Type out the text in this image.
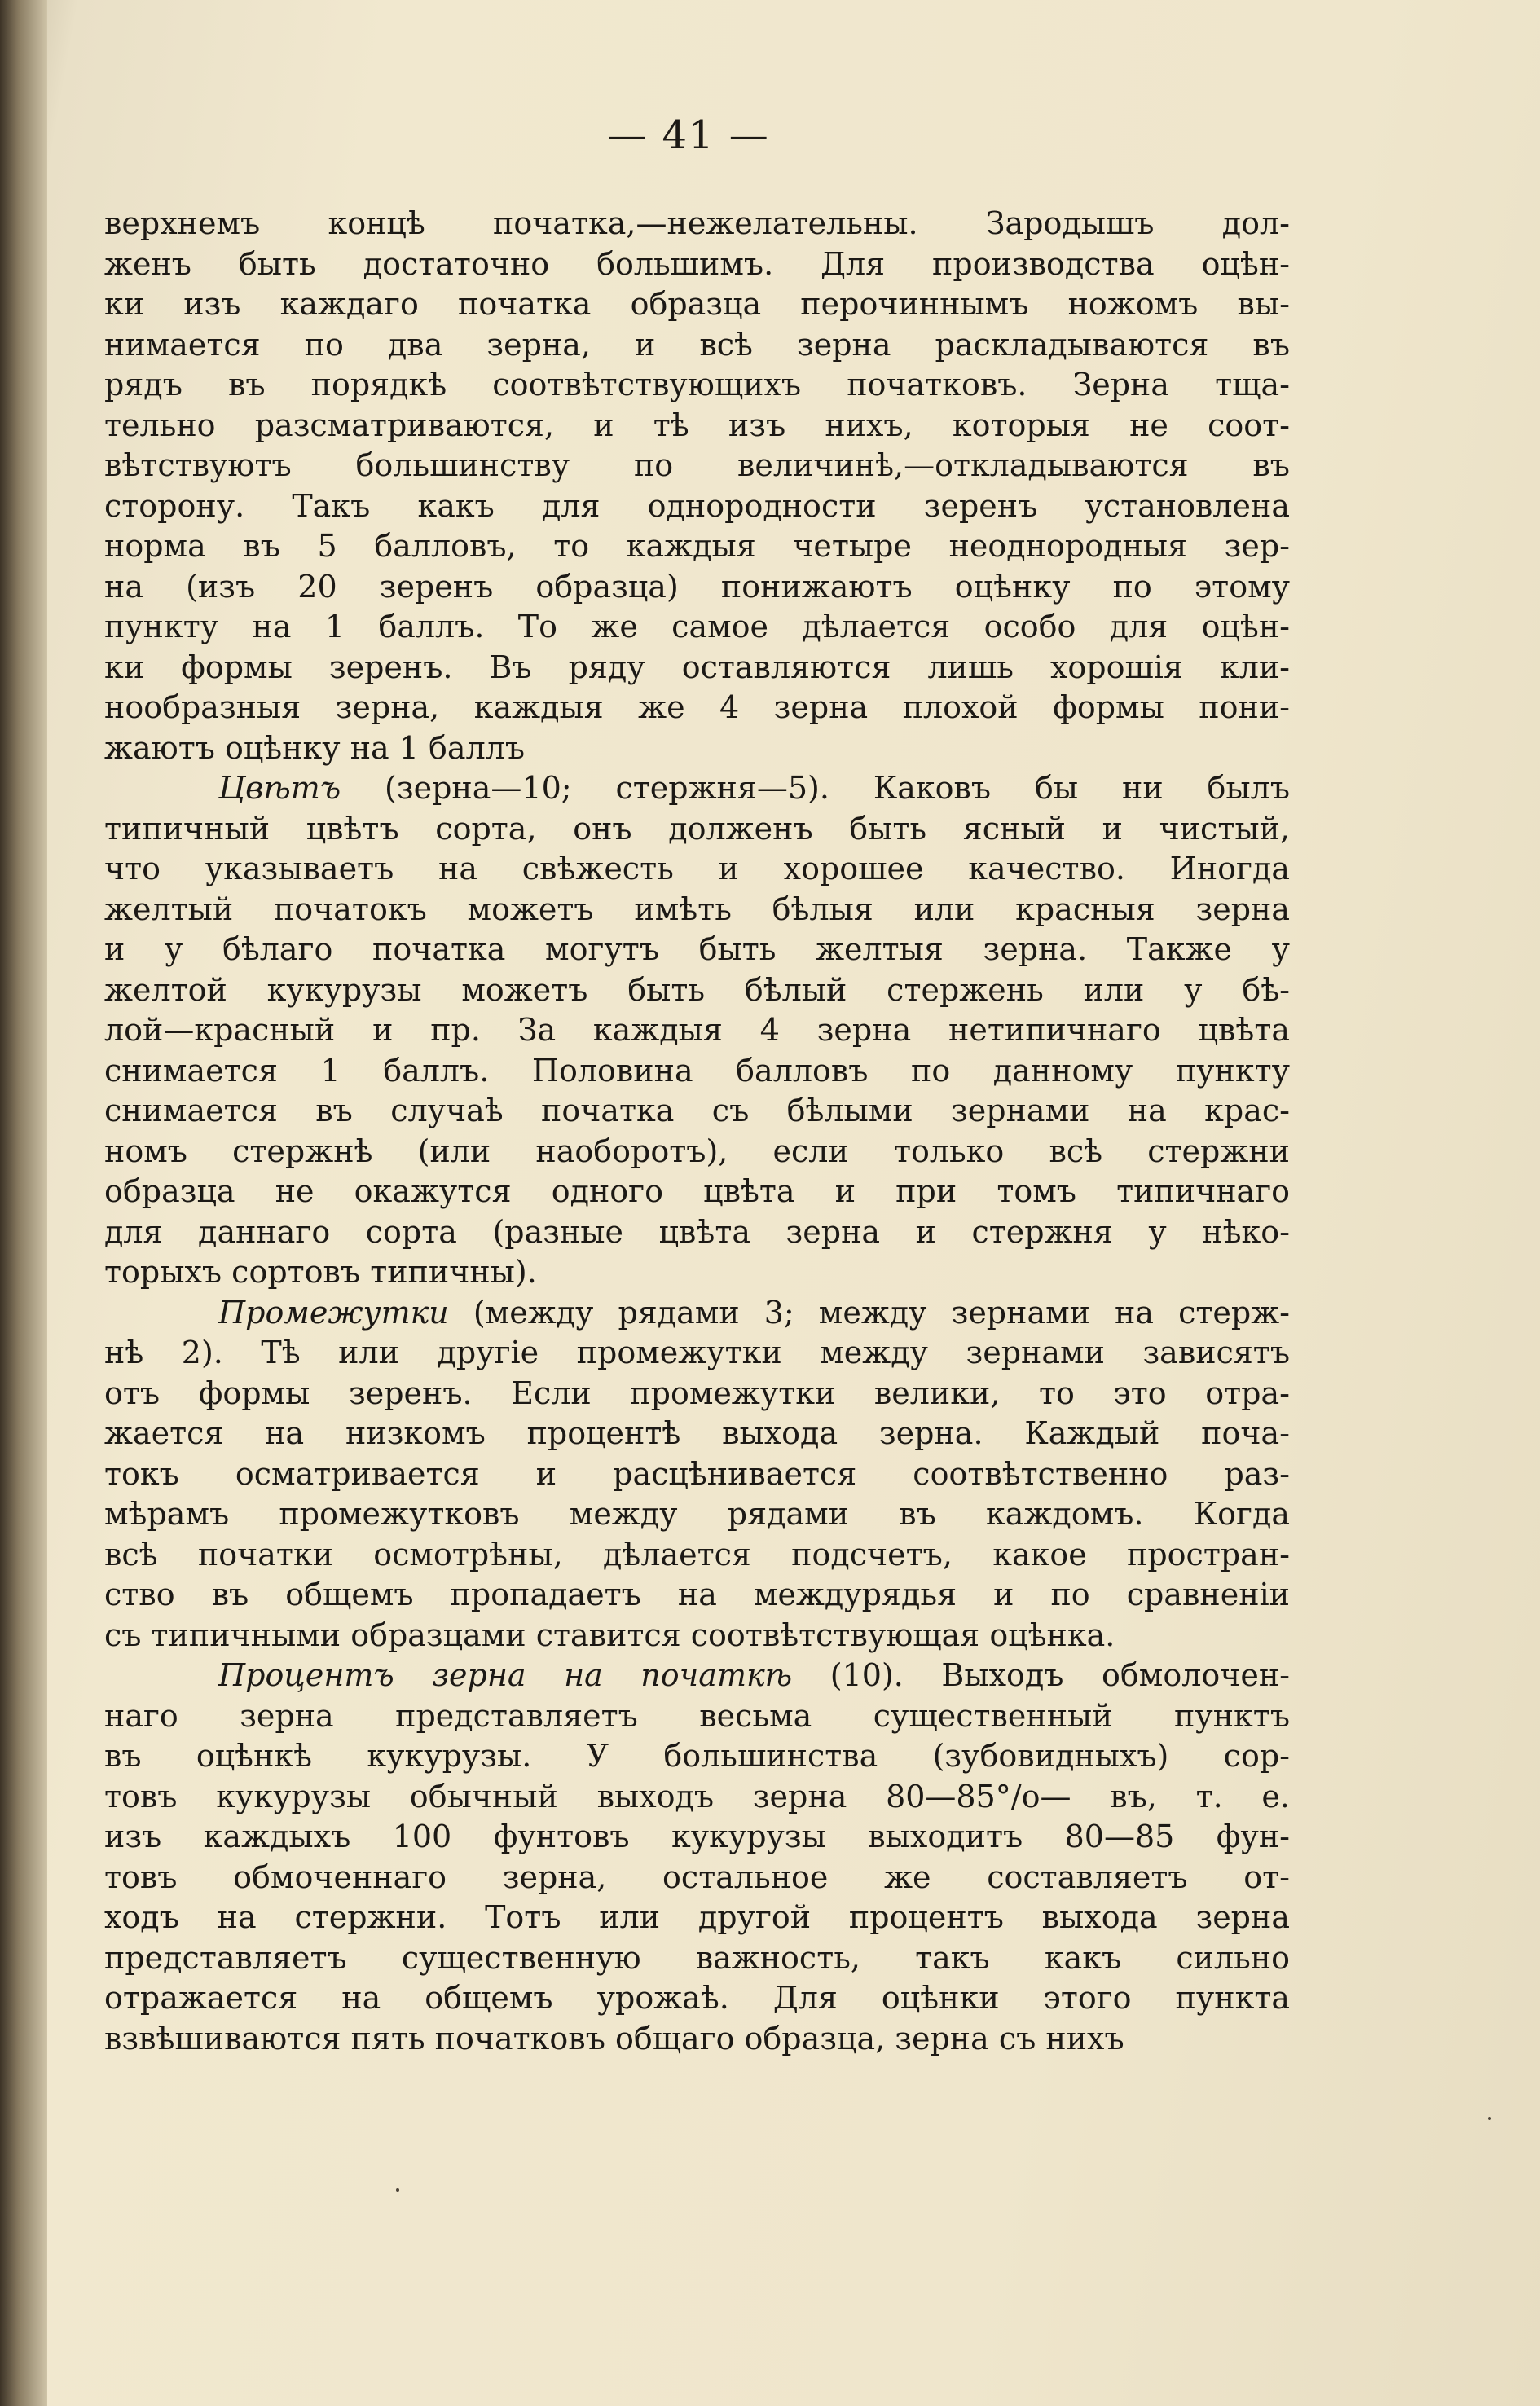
— 41 —
верхнемъ концѣ початка,—нежелательны. Зародышъ дол-
женъ быть достаточно большимъ. Для производства оцѣн-
ки изъ каждаго початка образца перочиннымъ ножомъ вы-
нимается по два зерна, и всѣ зерна раскладываются въ
рядъ въ порядкѣ соотвѣтствующихъ початковъ. Зерна тща-
тельно разсматриваются, и тѣ изъ нихъ, которыя не соот-
вѣтствуютъ большинству по величинѣ,—откладываются въ
сторону. Такъ какъ для однородности зеренъ установлена
норма въ 5 балловъ, то каждыя четыре неоднородныя зер-
на (изъ 20 зеренъ образца) понижаютъ оцѣнку по этому
пункту на 1 баллъ. То же самое дѣлается особо для оцѣн-
ки формы зеренъ. Въ ряду оставляются лишь хорошія кли-
нообразныя зерна, каждыя же 4 зерна плохой формы пони-
жаютъ оцѣнку на 1 баллъ
Цвѣтъ (зерна—10; стержня—5). Каковъ бы ни былъ
типичный цвѣтъ сорта, онъ долженъ быть ясный и чистый,
что указываетъ на свѣжесть и хорошее качество. Иногда
желтый початокъ можетъ имѣть бѣлыя или красныя зерна
и у бѣлаго початка могутъ быть желтыя зерна. Также у
желтой кукурузы можетъ быть бѣлый стержень или у бѣ-
лой—красный и пр. За каждыя 4 зерна нетипичнаго цвѣта
снимается 1 баллъ. Половина балловъ по данному пункту
снимается въ случаѣ початка съ бѣлыми зернами на крас-
номъ стержнѣ (или наоборотъ), если только всѣ стержни
образца не окажутся одного цвѣта и при томъ типичнаго
для даннаго сорта (разные цвѣта зерна и стержня у нѣко-
торыхъ сортовъ типичны).
Промежутки (между рядами 3; между зернами на стерж-
нѣ 2). Тѣ или другіе промежутки между зернами зависятъ
отъ формы зеренъ. Если промежутки велики, то это отра-
жается на низкомъ процентѣ выхода зерна. Каждый поча-
токъ осматривается и расцѣнивается соотвѣтственно раз-
мѣрамъ промежутковъ между рядами въ каждомъ. Когда
всѣ початки осмотрѣны, дѣлается подсчетъ, какое простран-
ство въ общемъ пропадаетъ на междурядья и по сравненіи
съ типичными образцами ставится соотвѣтствующая оцѣнка.
Процентъ зерна на початкѣ (10). Выходъ обмолочен-
наго зерна представляетъ весьма существенный пунктъ
въ оцѣнкѣ кукурузы. У большинства (зубовидныхъ) сор-
товъ кукурузы обычный выходъ зерна 80—85°/о— въ, т. е.
изъ каждыхъ 100 фунтовъ кукурузы выходитъ 80—85 фун-
товъ обмоченнаго зерна, остальное же составляетъ от-
ходъ на стержни. Тотъ или другой процентъ выхода зерна
представляетъ существенную важность, такъ какъ сильно
отражается на общемъ урожаѣ. Для оцѣнки этого пункта
взвѣшиваются пять початковъ общаго образца, зерна съ нихъ
